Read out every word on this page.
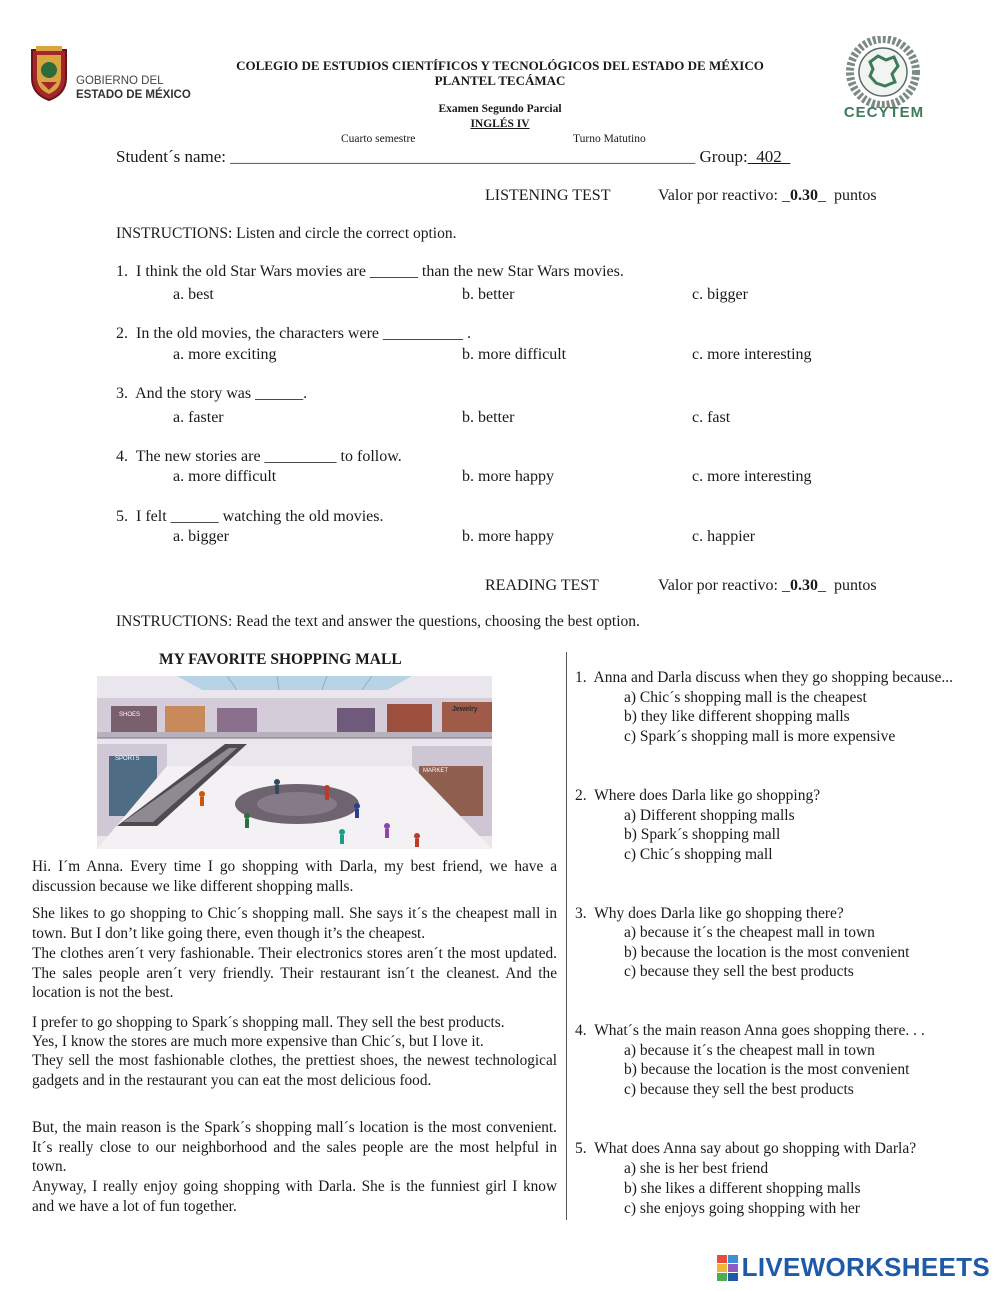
GOBIERNO DEL
ESTADO DE MÉXICO
COLEGIO DE ESTUDIOS CIENTÍFICOS Y TECNOLÓGICOS DEL ESTADO DE MÉXICO
PLANTEL TECÁMAC
Examen Segundo Parcial
INGLÉS IV
Cuarto semestre	Turno Matutino
CECYTEM
Student´s name: ______________________________________________________________ Group:_402_
LISTENING TEST	Valor por reactivo: _0.30_ puntos
INSTRUCTIONS: Listen and circle the correct option.
1.  I think the old Star Wars movies are ______ than the new Star Wars movies.
a. best	b. better	c. bigger
2.  In the old movies, the characters were __________ .
a. more exciting	b. more difficult	c. more interesting
3.  And the story was ______.
a. faster	b. better	c. fast
4.  The new stories are _________ to follow.
a. more difficult	b. more happy	c. more interesting
5.  I felt ______ watching the old movies.
a. bigger	b. more happy	c. happier
READING TEST	Valor por reactivo: _0.30_ puntos
INSTRUCTIONS: Read the text and answer the questions, choosing the best option.
MY FAVORITE SHOPPING MALL
SHOES
Jewelry
SPORTS
MARKET
Hi. I´m Anna. Every time I go shopping with Darla, my best friend, we have a discussion because we like different shopping malls.
She likes to go shopping to Chic´s shopping mall. She says it´s the cheapest mall in town. But I don’t like going there, even though it’s the cheapest.
The clothes aren´t very fashionable. Their electronics stores aren´t the most updated. The sales people aren´t very friendly. Their restaurant isn´t the cleanest. And the location is not the best.
I prefer to go shopping to Spark´s shopping mall. They sell the best products.
Yes, I know the stores are much more expensive than Chic´s, but I love it.
They sell the most fashionable clothes, the prettiest shoes, the newest technological gadgets and in the restaurant you can eat the most delicious food.
But, the main reason is the Spark´s shopping mall´s location is the most convenient. It´s really close to our neighborhood and the sales people are the most helpful in town.
Anyway, I really enjoy going shopping with Darla. She is the funniest girl I know and we have a lot of fun together.
1. Anna and Darla discuss when they go shopping because...
a) Chic´s shopping mall is the cheapest
b) they like different shopping malls
c) Spark´s shopping mall is more expensive
2. Where does Darla like go shopping?
a) Different shopping malls
b) Spark´s shopping mall
c) Chic´s shopping mall
3. Why does Darla like go shopping there?
a) because it´s the cheapest mall in town
b) because the location is the most convenient
c) because they sell the best products
4. What´s the main reason Anna goes shopping there. . .
a) because it´s the cheapest mall in town
b) because the location is the most convenient
c) because they sell the best products
5. What does Anna say about go shopping with Darla?
a) she is her best friend
b) she likes a different shopping malls
c) she enjoys going shopping with her
LIVEWORKSHEETS
